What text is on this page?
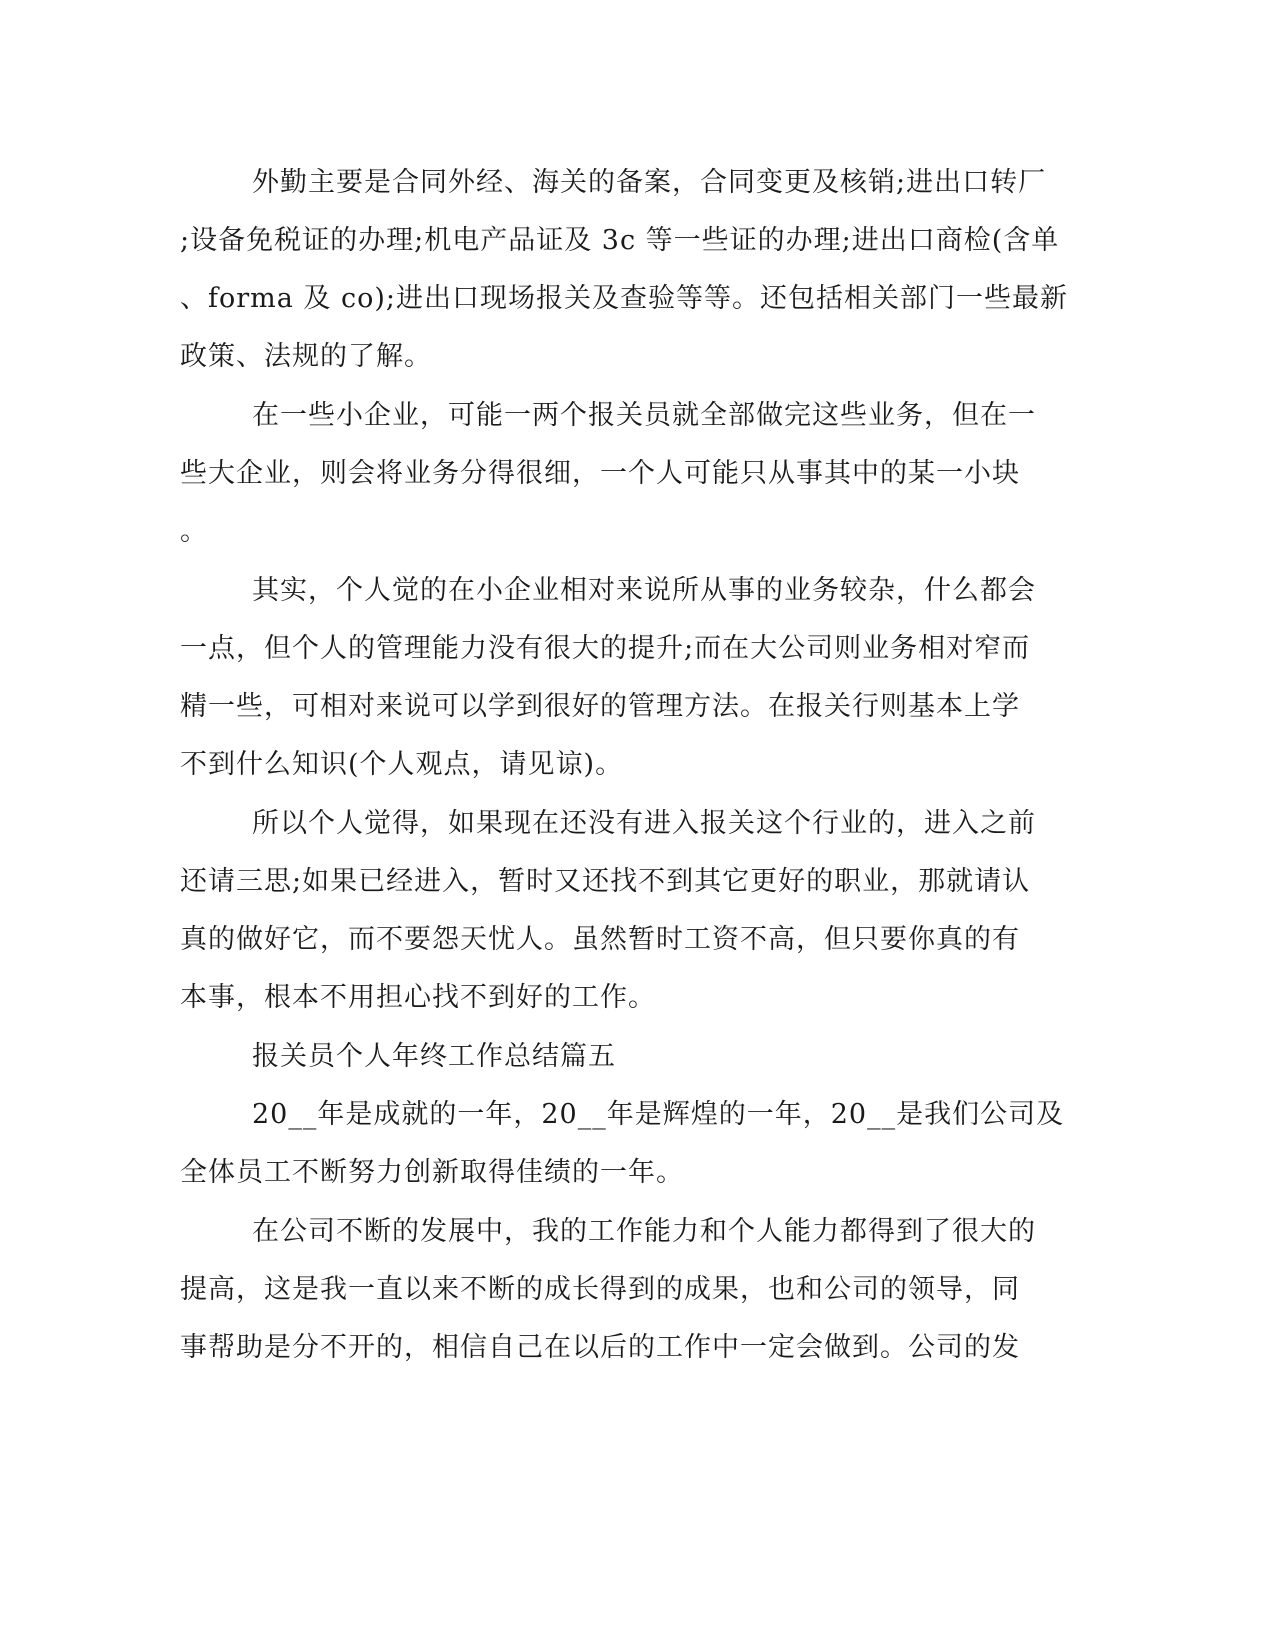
外勤主要是合同外经、海关的备案，合同变更及核销;进出口转厂
;设备免税证的办理;机电产品证及 3c 等一些证的办理;进出口商检(含单
、forma 及 co);进出口现场报关及查验等等。还包括相关部门一些最新
政策、法规的了解。
在一些小企业，可能一两个报关员就全部做完这些业务，但在一
些大企业，则会将业务分得很细，一个人可能只从事其中的某一小块
。
其实，个人觉的在小企业相对来说所从事的业务较杂，什么都会
一点，但个人的管理能力没有很大的提升;而在大公司则业务相对窄而
精一些，可相对来说可以学到很好的管理方法。在报关行则基本上学
不到什么知识(个人观点，请见谅)。
所以个人觉得，如果现在还没有进入报关这个行业的，进入之前
还请三思;如果已经进入，暂时又还找不到其它更好的职业，那就请认
真的做好它，而不要怨天忧人。虽然暂时工资不高，但只要你真的有
本事，根本不用担心找不到好的工作。
报关员个人年终工作总结篇五
20__年是成就的一年，20__年是辉煌的一年，20__是我们公司及
全体员工不断努力创新取得佳绩的一年。
在公司不断的发展中，我的工作能力和个人能力都得到了很大的
提高，这是我一直以来不断的成长得到的成果，也和公司的领导，同
事帮助是分不开的，相信自己在以后的工作中一定会做到。公司的发
